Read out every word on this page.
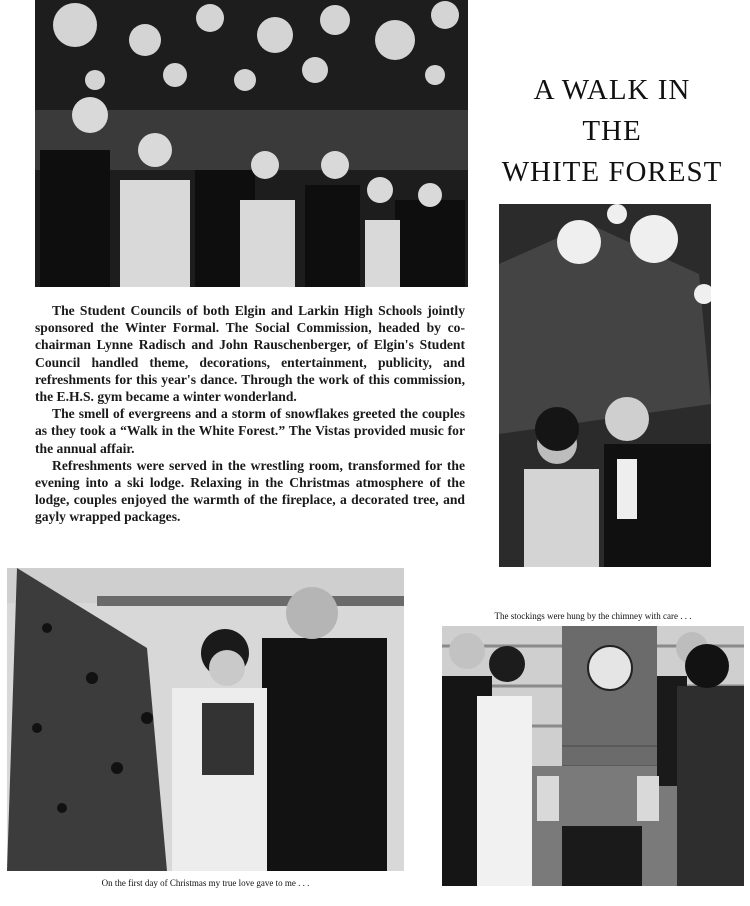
A WALK IN
THE
WHITE FOREST

The Student Councils of both Elgin and Larkin High Schools jointly sponsored the Winter Formal. The Social Commission, headed by co-chairman Lynne Radisch and John Rauschenberger, of Elgin's Student Council handled theme, decorations, entertainment, publicity, and refreshments for this year's dance. Through the work of this commission, the E.H.S. gym became a winter wonderland.

The smell of evergreens and a storm of snowflakes greeted the couples as they took a “Walk in the White Forest.” The Vistas provided music for the annual affair.

Refreshments were served in the wrestling room, transformed for the evening into a ski lodge. Relaxing in the Christmas atmosphere of the lodge, couples enjoyed the warmth of the fireplace, a decorated tree, and gayly wrapped packages.

On the first day of Christmas my true love gave to me . . .
The stockings were hung by the chimney with care . . .
